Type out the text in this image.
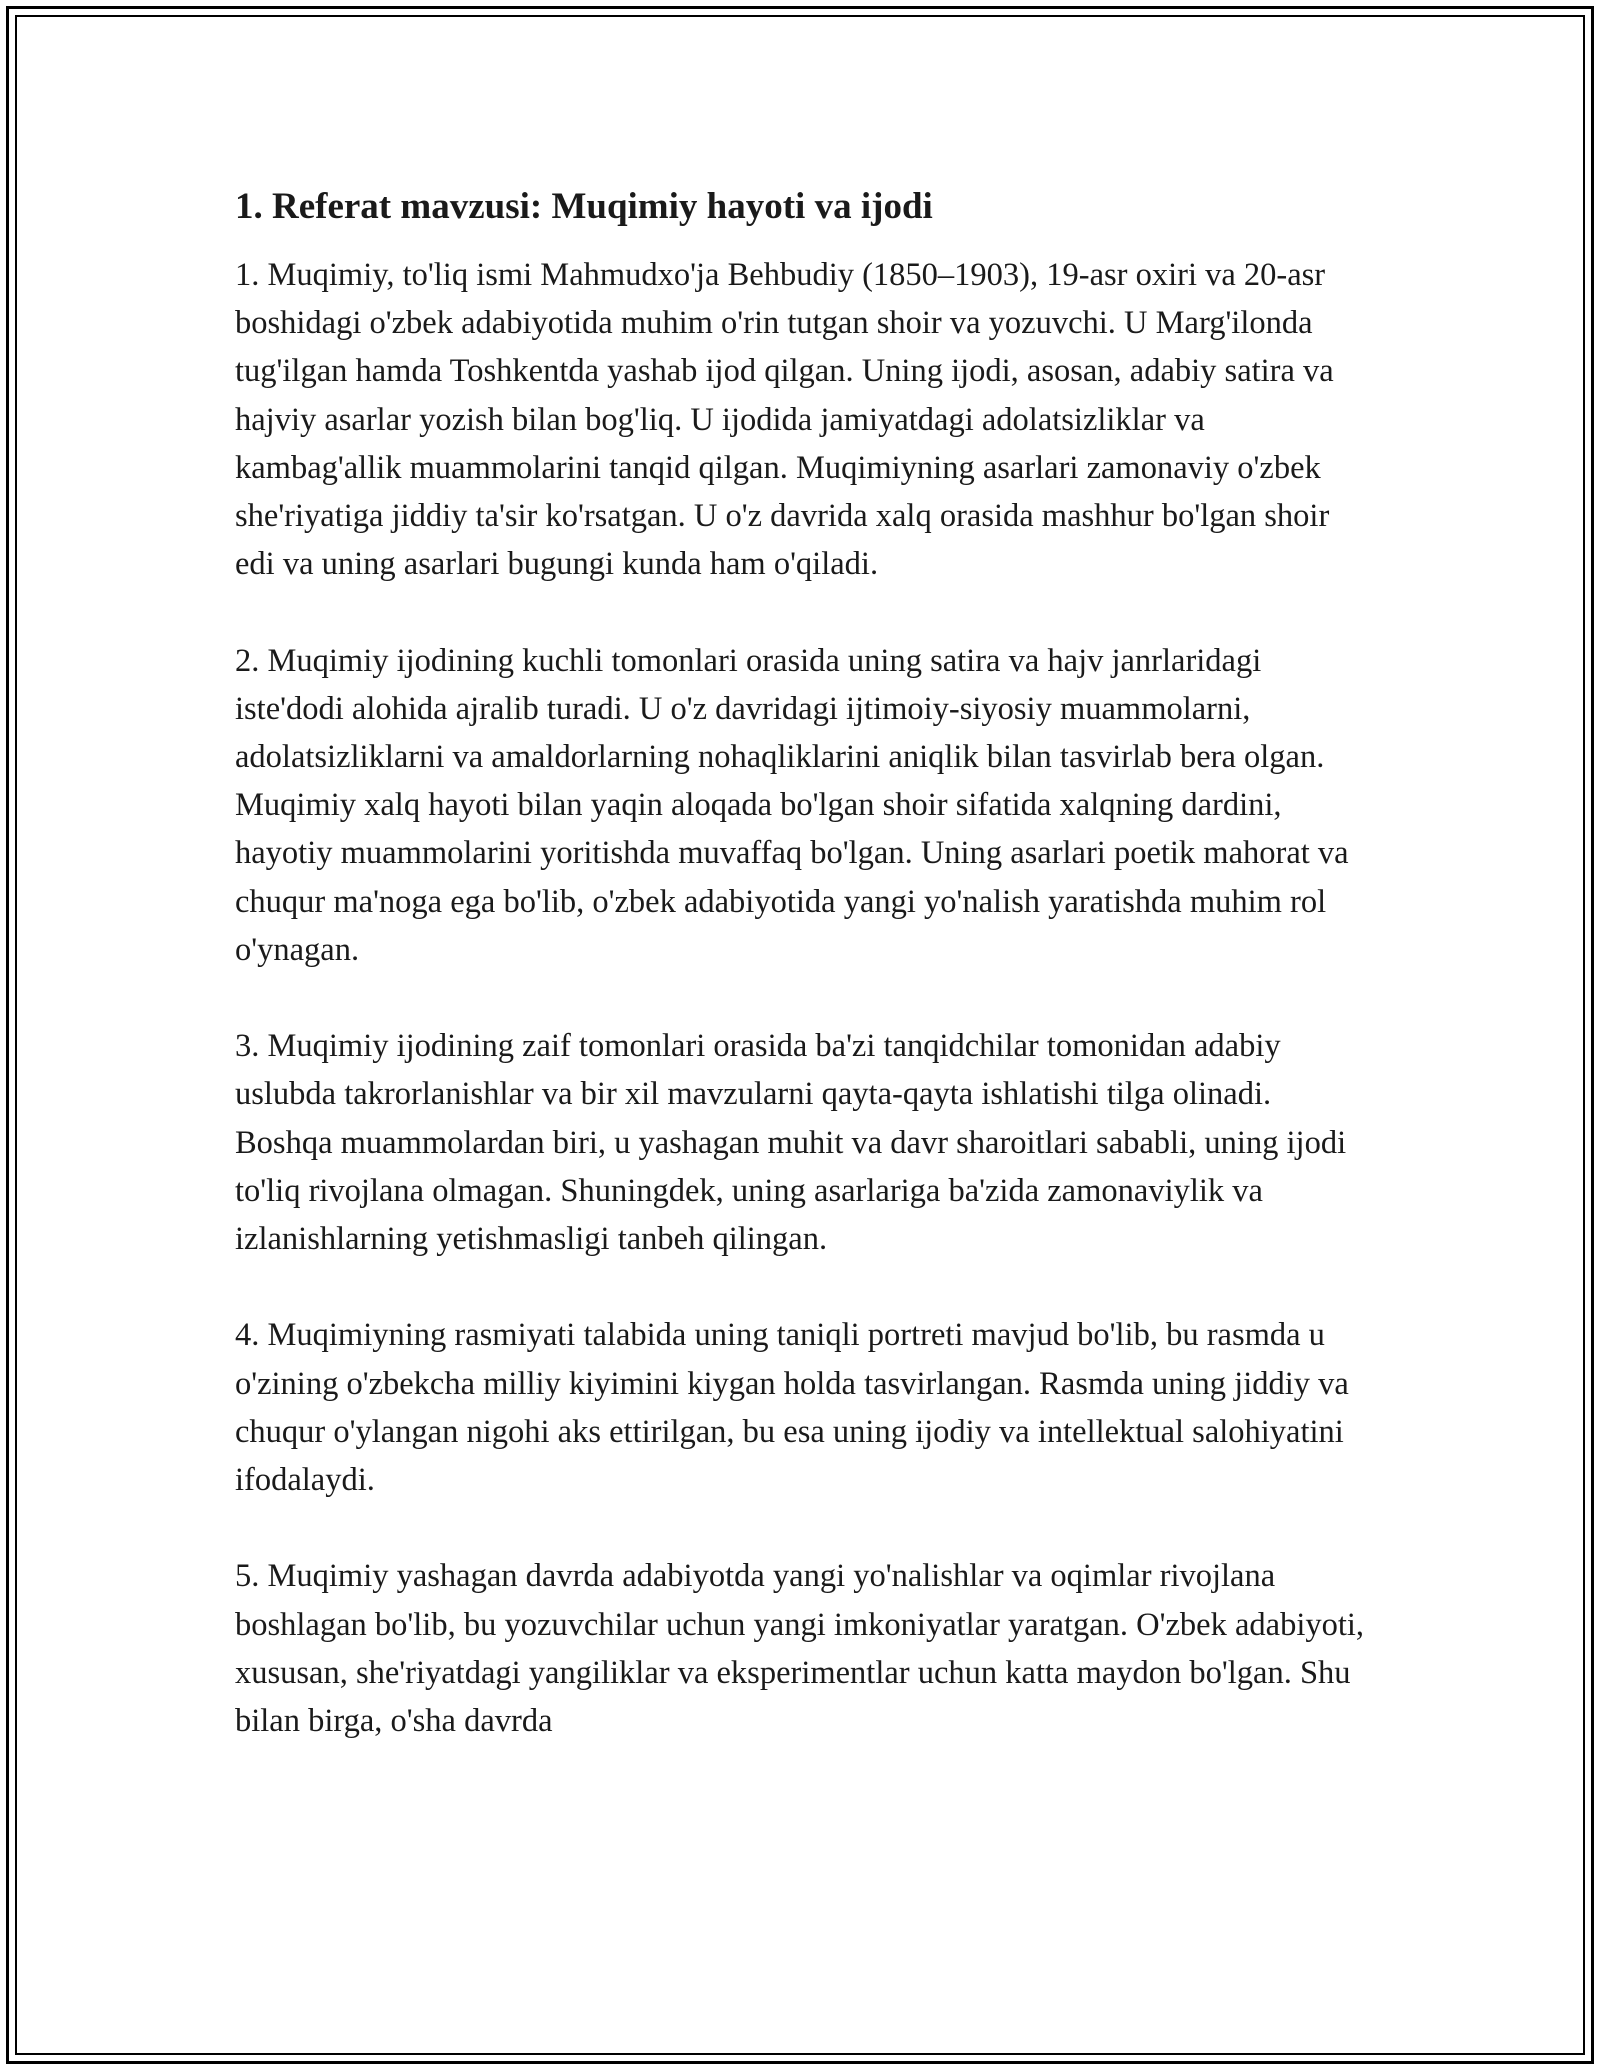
1. Referat mavzusi: Muqimiy hayoti va ijodi

1. Muqimiy, to'liq ismi Mahmudxo'ja Behbudiy (1850–1903), 19-asr oxiri va 20-asr boshidagi o'zbek adabiyotida muhim o'rin tutgan shoir va yozuvchi. U Marg'ilonda tug'ilgan hamda Toshkentda yashab ijod qilgan. Uning ijodi, asosan, adabiy satira va hajviy asarlar yozish bilan bog'liq. U ijodida jamiyatdagi adolatsizliklar va kambag'allik muammolarini tanqid qilgan. Muqimiyning asarlari zamonaviy o'zbek she'riyatiga jiddiy ta'sir ko'rsatgan. U o'z davrida xalq orasida mashhur bo'lgan shoir edi va uning asarlari bugungi kunda ham o'qiladi.

2. Muqimiy ijodining kuchli tomonlari orasida uning satira va hajv janrlaridagi iste'dodi alohida ajralib turadi. U o'z davridagi ijtimoiy-siyosiy muammolarni, adolatsizliklarni va amaldorlarning nohaqliklarini aniqlik bilan tasvirlab bera olgan. Muqimiy xalq hayoti bilan yaqin aloqada bo'lgan shoir sifatida xalqning dardini, hayotiy muammolarini yoritishda muvaffaq bo'lgan. Uning asarlari poetik mahorat va chuqur ma'noga ega bo'lib, o'zbek adabiyotida yangi yo'nalish yaratishda muhim rol o'ynagan.

3. Muqimiy ijodining zaif tomonlari orasida ba'zi tanqidchilar tomonidan adabiy uslubda takrorlanishlar va bir xil mavzularni qayta-qayta ishlatishi tilga olinadi. Boshqa muammolardan biri, u yashagan muhit va davr sharoitlari sababli, uning ijodi to'liq rivojlana olmagan. Shuningdek, uning asarlariga ba'zida zamonaviylik va izlanishlarning yetishmasligi tanbeh qilingan.

4. Muqimiyning rasmiyati talabida uning taniqli portreti mavjud bo'lib, bu rasmda u o'zining o'zbekcha milliy kiyimini kiygan holda tasvirlangan. Rasmda uning jiddiy va chuqur o'ylangan nigohi aks ettirilgan, bu esa uning ijodiy va intellektual salohiyatini ifodalaydi.

5. Muqimiy yashagan davrda adabiyotda yangi yo'nalishlar va oqimlar rivojlana boshlagan bo'lib, bu yozuvchilar uchun yangi imkoniyatlar yaratgan. O'zbek adabiyoti, xususan, she'riyatdagi yangiliklar va eksperimentlar uchun katta maydon bo'lgan. Shu bilan birga, o'sha davrda
